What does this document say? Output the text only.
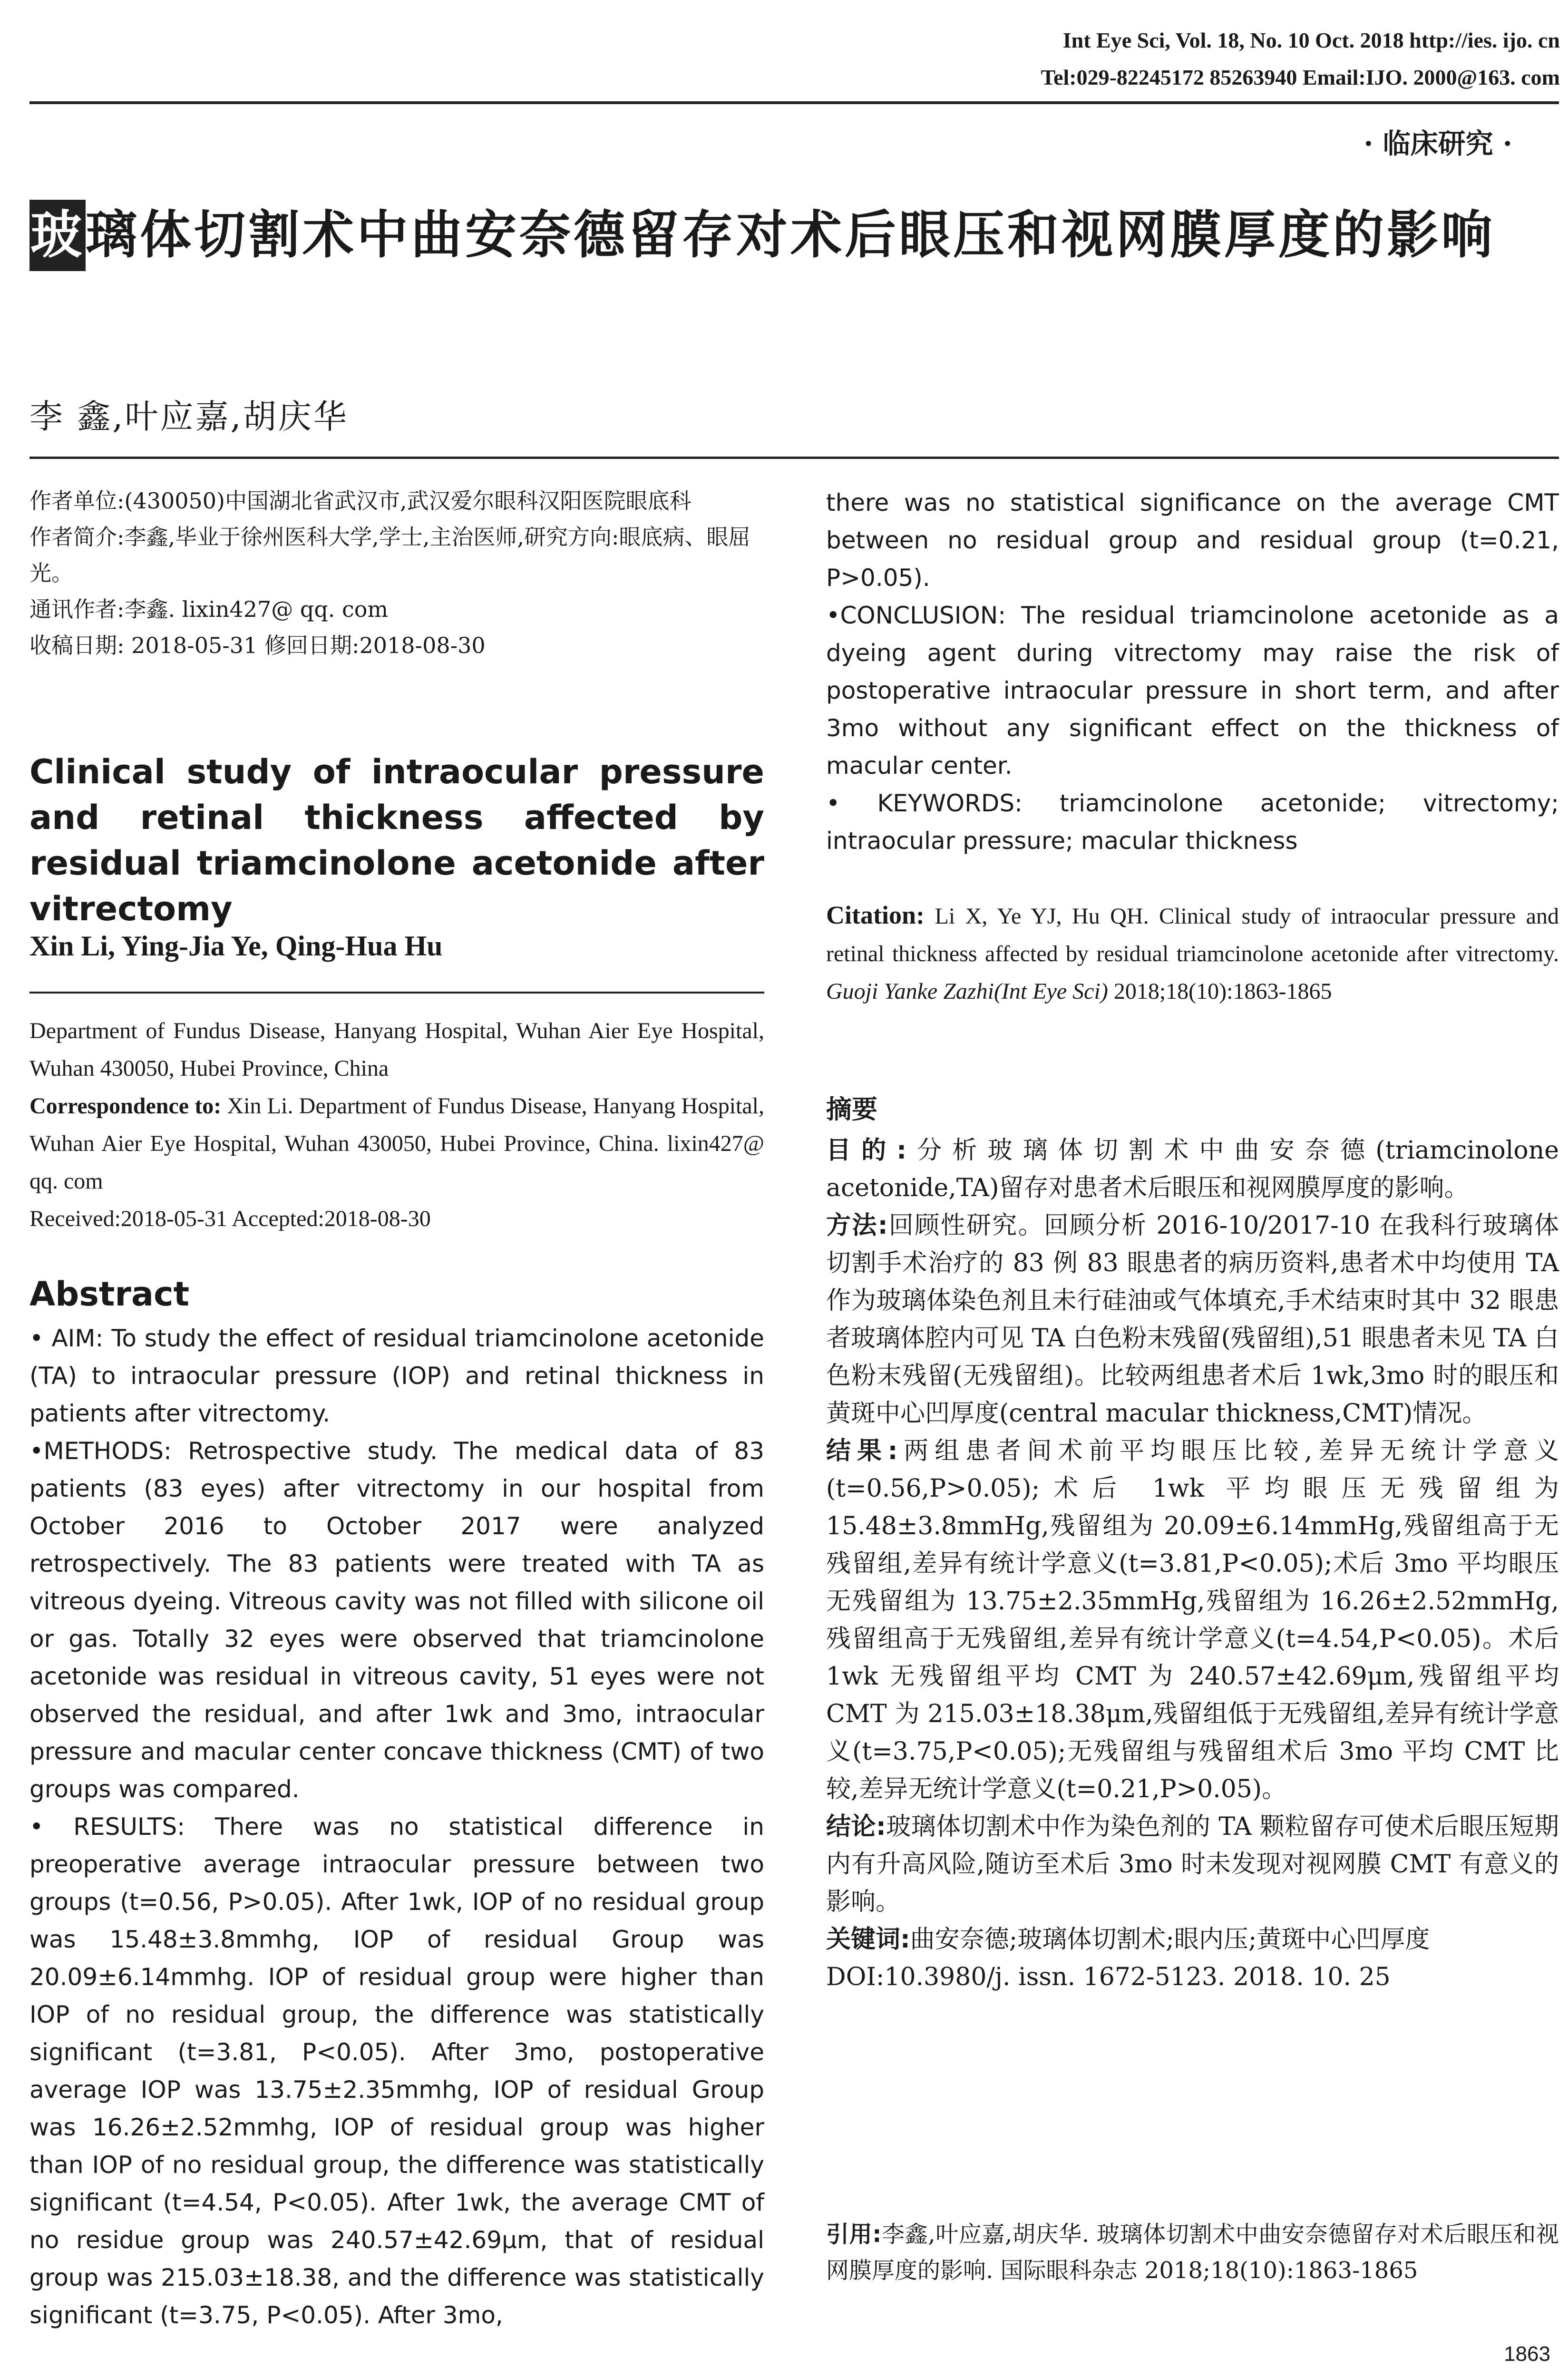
Int Eye Sci, Vol. 18, No. 10 Oct. 2018 http://ies. ijo. cn
Tel:029-82245172 85263940 Email:IJO. 2000@163. com
· 临床研究 ·
玻璃体切割术中曲安奈德留存对术后眼压和视网膜厚度的影响
李 鑫,叶应嘉,胡庆华
作者单位:(430050)中国湖北省武汉市,武汉爱尔眼科汉阳医院眼底科
作者简介:李鑫,毕业于徐州医科大学,学士,主治医师,研究方向:眼底病、眼屈光。
通讯作者:李鑫. lixin427@ qq. com
收稿日期: 2018-05-31 修回日期:2018-08-30
Clinical study of intraocular pressure and retinal thickness affected by residual triamcinolone acetonide after vitrectomy
Xin Li, Ying-Jia Ye, Qing-Hua Hu
Department of Fundus Disease, Hanyang Hospital, Wuhan Aier Eye Hospital, Wuhan 430050, Hubei Province, China
Correspondence to: Xin Li. Department of Fundus Disease, Hanyang Hospital, Wuhan Aier Eye Hospital, Wuhan 430050, Hubei Province, China. lixin427@ qq. com
Received:2018-05-31 Accepted:2018-08-30
Abstract

• AIM: To study the effect of residual triamcinolone acetonide (TA) to intraocular pressure (IOP) and retinal thickness in patients after vitrectomy.

•METHODS: Retrospective study. The medical data of 83 patients (83 eyes) after vitrectomy in our hospital from October 2016 to October 2017 were analyzed retrospectively. The 83 patients were treated with TA as vitreous dyeing. Vitreous cavity was not filled with silicone oil or gas. Totally 32 eyes were observed that triamcinolone acetonide was residual in vitreous cavity, 51 eyes were not observed the residual, and after 1wk and 3mo, intraocular pressure and macular center concave thickness (CMT) of two groups was compared.

• RESULTS: There was no statistical difference in preoperative average intraocular pressure between two groups (t=0.56, P>0.05). After 1wk, IOP of no residual group was 15.48±3.8mmhg, IOP of residual Group was 20.09±6.14mmhg. IOP of residual group were higher than IOP of no residual group, the difference was statistically significant (t=3.81, P<0.05). After 3mo, postoperative average IOP was 13.75±2.35mmhg, IOP of residual Group was 16.26±2.52mmhg, IOP of residual group was higher than IOP of no residual group, the difference was statistically significant (t=4.54, P<0.05). After 1wk, the average CMT of no residue group was 240.57±42.69μm, that of residual group was 215.03±18.38, and the difference was statistically significant (t=3.75, P<0.05). After 3mo,

there was no statistical significance on the average CMT between no residual group and residual group (t=0.21, P>0.05).

•CONCLUSION: The residual triamcinolone acetonide as a dyeing agent during vitrectomy may raise the risk of postoperative intraocular pressure in short term, and after 3mo without any significant effect on the thickness of macular center.

• KEYWORDS: triamcinolone acetonide; vitrectomy; intraocular pressure; macular thickness

Citation: Li X, Ye YJ, Hu QH. Clinical study of intraocular pressure and retinal thickness affected by residual triamcinolone acetonide after vitrectomy. Guoji Yanke Zazhi(Int Eye Sci) 2018;18(10):1863-1865
摘要

目的:分析玻璃体切割术中曲安奈德(triamcinolone acetonide,TA)留存对患者术后眼压和视网膜厚度的影响。

方法:回顾性研究。回顾分析 2016-10/2017-10 在我科行玻璃体切割手术治疗的 83 例 83 眼患者的病历资料,患者术中均使用 TA 作为玻璃体染色剂且未行硅油或气体填充,手术结束时其中 32 眼患者玻璃体腔内可见 TA 白色粉末残留(残留组),51 眼患者未见 TA 白色粉末残留(无残留组)。比较两组患者术后 1wk,3mo 时的眼压和黄斑中心凹厚度(central macular thickness,CMT)情况。

结果:两组患者间术前平均眼压比较,差异无统计学意义(t=0.56,P>0.05);术后 1wk 平均眼压无残留组为 15.48±3.8mmHg,残留组为 20.09±6.14mmHg,残留组高于无残留组,差异有统计学意义(t=3.81,P<0.05);术后 3mo 平均眼压无残留组为 13.75±2.35mmHg,残留组为 16.26±2.52mmHg,残留组高于无残留组,差异有统计学意义(t=4.54,P<0.05)。术后 1wk 无残留组平均 CMT 为 240.57±42.69μm,残留组平均 CMT 为 215.03±18.38μm,残留组低于无残留组,差异有统计学意义(t=3.75,P<0.05);无残留组与残留组术后 3mo 平均 CMT 比较,差异无统计学意义(t=0.21,P>0.05)。

结论:玻璃体切割术中作为染色剂的 TA 颗粒留存可使术后眼压短期内有升高风险,随访至术后 3mo 时未发现对视网膜 CMT 有意义的影响。

关键词:曲安奈德;玻璃体切割术;眼内压;黄斑中心凹厚度

DOI:10.3980/j. issn. 1672-5123. 2018. 10. 25

引用:李鑫,叶应嘉,胡庆华. 玻璃体切割术中曲安奈德留存对术后眼压和视网膜厚度的影响. 国际眼科杂志 2018;18(10):1863-1865
1863
